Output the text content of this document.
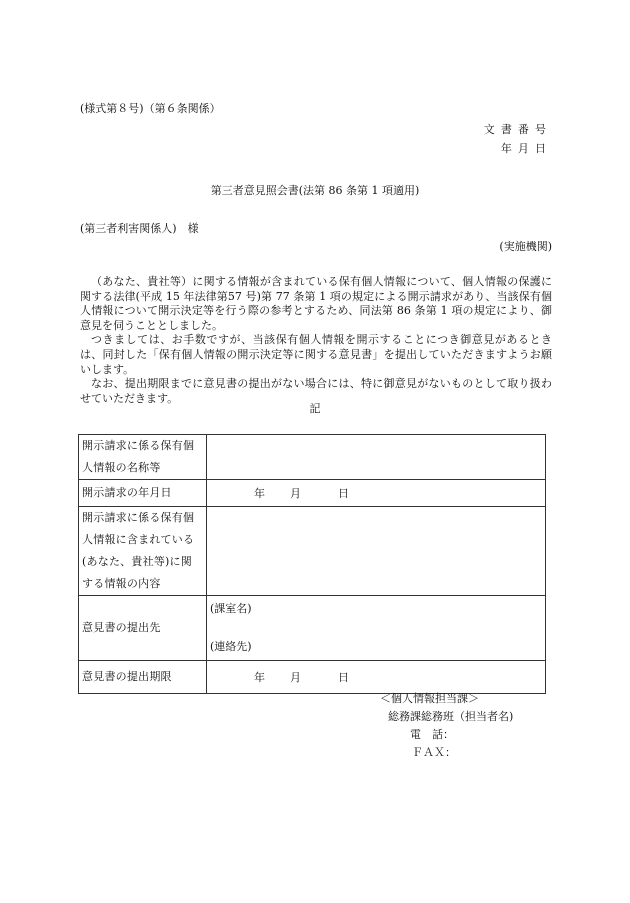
(様式第８号)（第６条関係）
文書番号
年月日
第三者意見照会書(法第 86 条第 1 項適用)
(第三者利害関係人)　様
(実施機関)

（あなた、貴社等）に関する情報が含まれている保有個人情報について、個人情報の保護に関する法律(平成 15 年法律第57 号)第 77 条第 1 項の規定による開示請求があり、当該保有個人情報について開示決定等を行う際の参考とするため、同法第 86 条第 1 項の規定により、御意見を伺うこととしました。

つきましては、お手数ですが、当該保有個人情報を開示することにつき御意見があるときは、同封した「保有個人情報の開示決定等に関する意見書」を提出していただきますようお願いします。

なお、提出期限までに意見書の提出がない場合には、特に御意見がないものとして取り扱わせていただきます。

記
開示請求に係る保有個人情報の名称等	
開示請求の年月日	年 月 日

開示請求に係る保有個人情報に含まれている(あなた、貴社等)に関する情報の内容	
意見書の提出先	(課室名)
(連絡先)

意見書の提出期限	年 月 日
＜個人情報担当課＞
総務課総務班（担当者名)
電　話：
ＦＡＸ：
